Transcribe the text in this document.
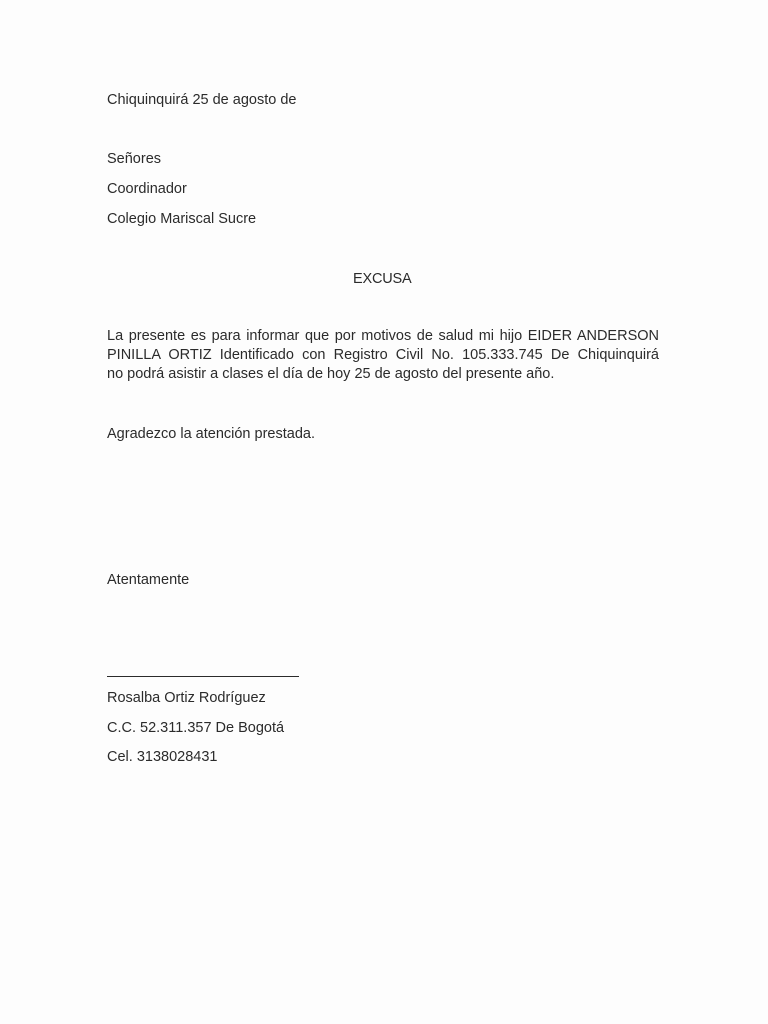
Chiquinquirá 25 de agosto de
Señores
Coordinador
Colegio Mariscal Sucre
EXCUSA
La presente es para informar que por motivos de salud mi hijo EIDER ANDERSON
PINILLA ORTIZ Identificado con Registro Civil No. 105.333.745 De Chiquinquirá
no podrá asistir a clases el día de hoy 25 de agosto del presente año.
Agradezco la atención prestada.
Atentamente
Rosalba Ortiz Rodríguez
C.C. 52.311.357 De Bogotá
Cel. 3138028431
